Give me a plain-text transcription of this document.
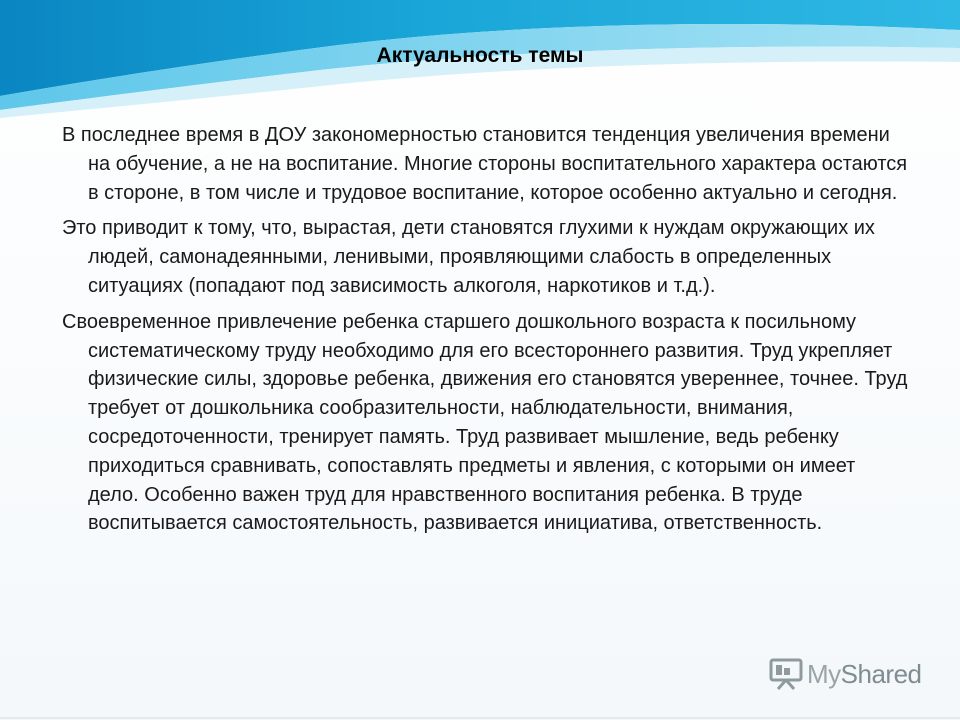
Актуальность темы

В последнее время в ДОУ закономерностью становится тенденция увеличения времени на обучение, а не на воспитание. Многие стороны воспитательного характера остаются в стороне, в том числе и трудовое воспитание, которое особенно актуально и сегодня.

Это приводит к тому, что, вырастая, дети становятся глухими к нуждам окружающих их людей, самонадеянными, ленивыми, проявляющими слабость в определенных ситуациях (попадают под зависимость алкоголя, наркотиков и т.д.).

Своевременное привлечение ребенка старшего дошкольного возраста к посильному систематическому труду необходимо для его всестороннего развития. Труд укрепляет физические силы, здоровье ребенка, движения его становятся увереннее, точнее. Труд требует от дошкольника сообразительности, наблюдательности, внимания, сосредоточенности, тренирует память. Труд развивает мышление, ведь ребенку приходиться сравнивать, сопоставлять предметы и явления, с которыми он имеет дело. Особенно важен труд для нравственного воспитания ребенка. В труде воспитывается самостоятельность, развивается инициатива, ответственность.

MyShared
